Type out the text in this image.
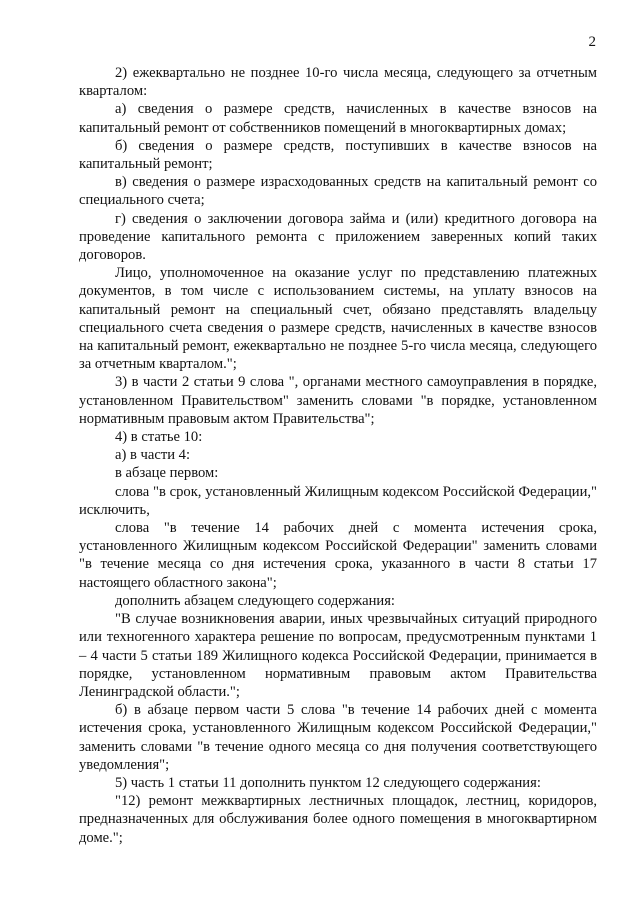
2

2) ежеквартально не позднее 10-го числа месяца, следующего за отчетным кварталом:

а) сведения о размере средств, начисленных в качестве взносов на капитальный ремонт от собственников помещений в многоквартирных домах;

б) сведения о размере средств, поступивших в качестве взносов на капитальный ремонт;

в) сведения о размере израсходованных средств на капитальный ремонт со специального счета;

г) сведения о заключении договора займа и (или) кредитного договора на проведение капитального ремонта с приложением заверенных копий таких договоров.

Лицо, уполномоченное на оказание услуг по представлению платежных документов, в том числе с использованием системы, на уплату взносов на капитальный ремонт на специальный счет, обязано представлять владельцу специального счета сведения о размере средств, начисленных в качестве взносов на капитальный ремонт, ежеквартально не позднее 5-го числа месяца, следующего за отчетным кварталом.";

3) в части 2 статьи 9 слова ", органами местного самоуправления в порядке, установленном Правительством" заменить словами "в порядке, установленном нормативным правовым актом Правительства";

4) в статье 10:

а) в части 4:

в абзаце первом:

слова "в срок, установленный Жилищным кодексом Российской Федерации," исключить,

слова "в течение 14 рабочих дней с момента истечения срока, установленного Жилищным кодексом Российской Федерации" заменить словами "в течение месяца со дня истечения срока, указанного в части 8 статьи 17 настоящего областного закона";

дополнить абзацем следующего содержания:

"В случае возникновения аварии, иных чрезвычайных ситуаций природного или техногенного характера решение по вопросам, предусмотренным пунктами 1 – 4 части 5 статьи 189 Жилищного кодекса Российской Федерации, принимается в порядке, установленном нормативным правовым актом Правительства Ленинградской области.";

б) в абзаце первом части 5 слова "в течение 14 рабочих дней с момента истечения срока, установленного Жилищным кодексом Российской Федерации," заменить словами "в течение одного месяца со дня получения соответствующего уведомления";

5) часть 1 статьи 11 дополнить пунктом 12 следующего содержания:

"12) ремонт межквартирных лестничных площадок, лестниц, коридоров, предназначенных для обслуживания более одного помещения в многоквартирном доме.";
